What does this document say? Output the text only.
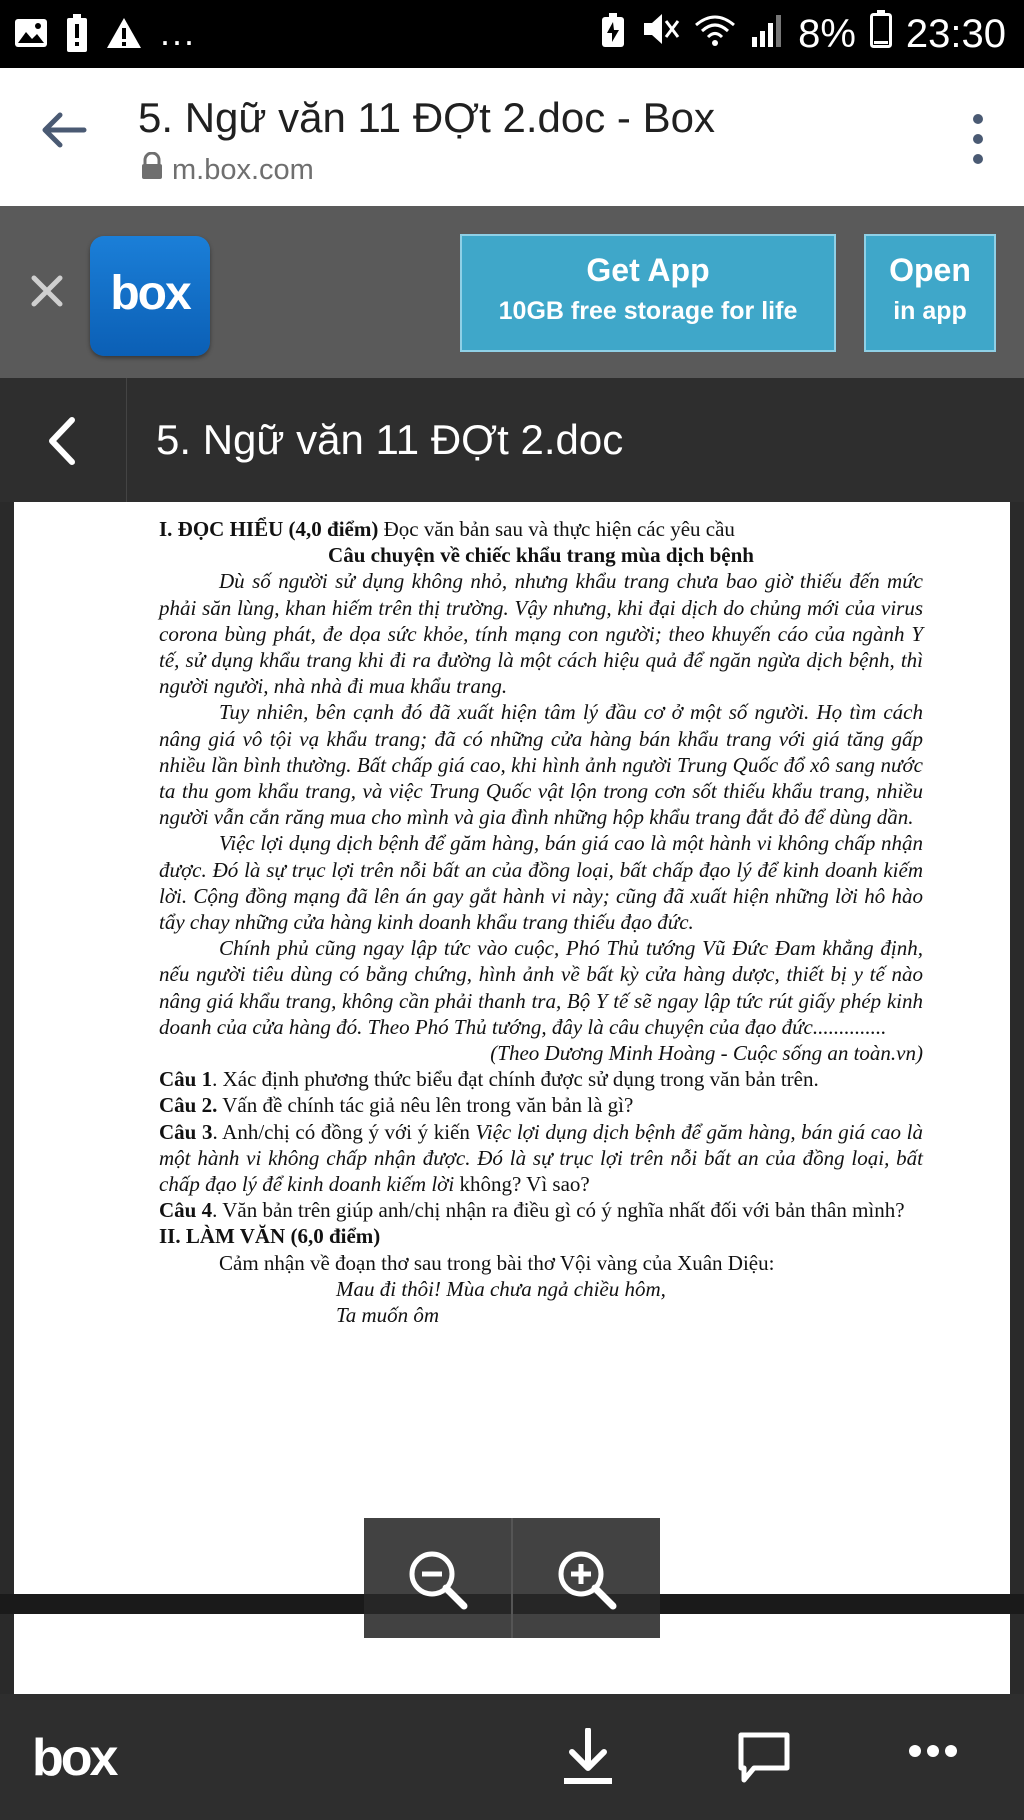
...	8% 23:30
5. Ngữ văn 11 ĐỢt 2.doc - Box
m.box.com
box	Get App
10GB free storage for life
Open
in app
5. Ngữ văn 11 ĐỢt 2.doc

I. ĐỌC HIỂU (4,0 điểm) Đọc văn bản sau và thực hiện các yêu cầu

Câu chuyện về chiếc khẩu trang mùa dịch bệnh

Dù số người sử dụng không nhỏ, nhưng khẩu trang chưa bao giờ thiếu đến mức phải săn lùng, khan hiếm trên thị trường. Vậy nhưng, khi đại dịch do chủng mới của virus corona bùng phát, đe dọa sức khỏe, tính mạng con người; theo khuyến cáo của ngành Y tế, sử dụng khẩu trang khi đi ra đường là một cách hiệu quả để ngăn ngừa dịch bệnh, thì người người, nhà nhà đi mua khẩu trang.

Tuy nhiên, bên cạnh đó đã xuất hiện tâm lý đầu cơ ở một số người. Họ tìm cách nâng giá vô tội vạ khẩu trang; đã có những cửa hàng bán khẩu trang với giá tăng gấp nhiều lần bình thường. Bất chấp giá cao, khi hình ảnh người Trung Quốc đổ xô sang nước ta thu gom khẩu trang, và việc Trung Quốc vật lộn trong cơn sốt thiếu khẩu trang, nhiều người vẫn cắn răng mua cho mình và gia đình những hộp khẩu trang đắt đỏ để dùng dần.

Việc lợi dụng dịch bệnh để găm hàng, bán giá cao là một hành vi không chấp nhận được. Đó là sự trục lợi trên nỗi bất an của đồng loại, bất chấp đạo lý để kinh doanh kiếm lời. Cộng đồng mạng đã lên án gay gắt hành vi này; cũng đã xuất hiện những lời hô hào tẩy chay những cửa hàng kinh doanh khẩu trang thiếu đạo đức.

Chính phủ cũng ngay lập tức vào cuộc, Phó Thủ tướng Vũ Đức Đam khẳng định, nếu người tiêu dùng có bằng chứng, hình ảnh về bất kỳ cửa hàng dược, thiết bị y tế nào nâng giá khẩu trang, không cần phải thanh tra, Bộ Y tế sẽ ngay lập tức rút giấy phép kinh doanh của cửa hàng đó. Theo Phó Thủ tướng, đây là câu chuyện của đạo đức..............

(Theo Dương Minh Hoàng - Cuộc sống an toàn.vn)

Câu 1. Xác định phương thức biểu đạt chính được sử dụng trong văn bản trên.

Câu 2. Vấn đề chính tác giả nêu lên trong văn bản là gì?

Câu 3. Anh/chị có đồng ý với ý kiến Việc lợi dụng dịch bệnh để găm hàng, bán giá cao là một hành vi không chấp nhận được. Đó là sự trục lợi trên nỗi bất an của đồng loại, bất chấp đạo lý để kinh doanh kiếm lời không? Vì sao?

Câu 4. Văn bản trên giúp anh/chị nhận ra điều gì có ý nghĩa nhất đối với bản thân mình?

II. LÀM VĂN (6,0 điểm)

Cảm nhận về đoạn thơ sau trong bài thơ Vội vàng của Xuân Diệu:

Mau đi thôi! Mùa chưa ngả chiều hôm,

Ta muốn ôm

box
